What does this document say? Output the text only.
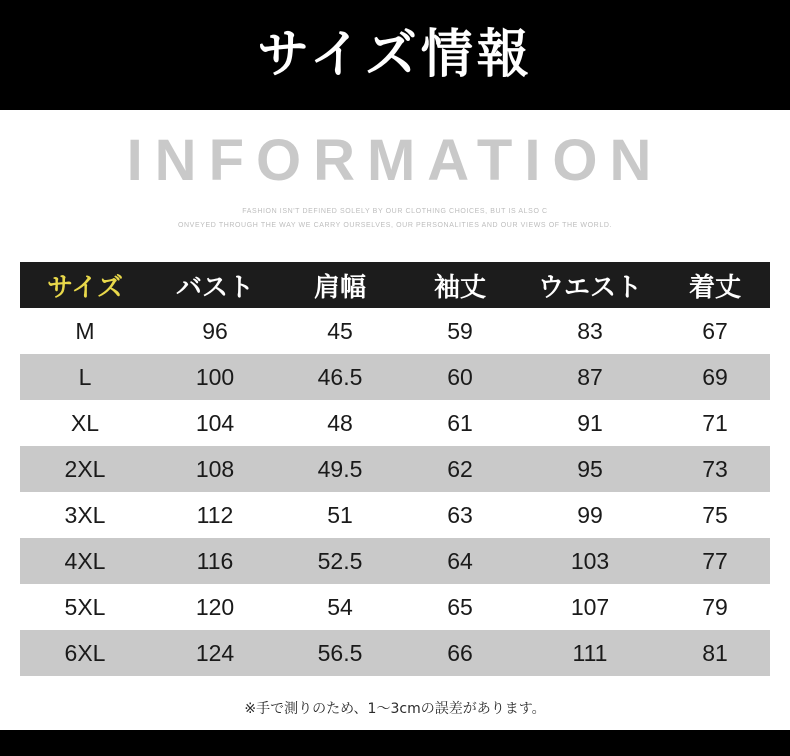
サイズ情報
INFORMATION
FASHION ISN'T DEFINED SOLELY BY OUR CLOTHING CHOICES, BUT IS ALSO C
ONVEYED THROUGH THE WAY WE CARRY OURSELVES, OUR PERSONALITIES AND OUR VIEWS OF THE WORLD.
サイズ	バスト	肩幅	袖丈	ウエスト	着丈
M	96	45	59	83	67
L	100	46.5	60	87	69
XL	104	48	61	91	71
2XL	108	49.5	62	95	73
3XL	112	51	63	99	75
4XL	116	52.5	64	103	77
5XL	120	54	65	107	79
6XL	124	56.5	66	111	81
※手で測りのため、1〜3cmの誤差があります。
